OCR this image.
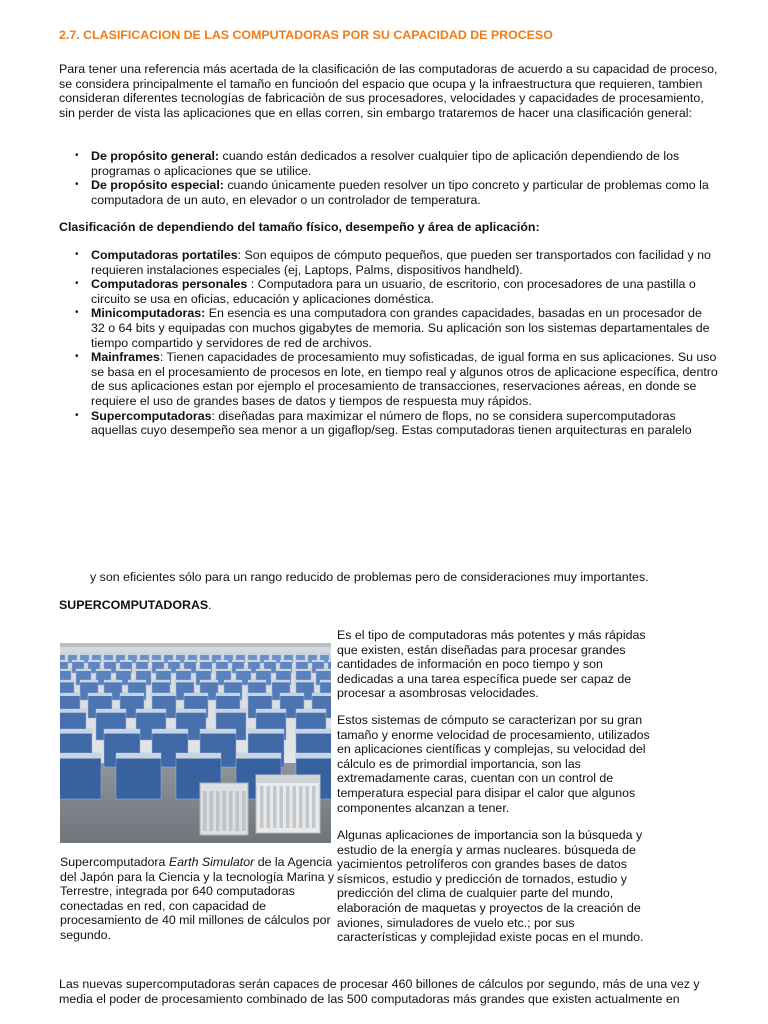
2.7. CLASIFICACION DE LAS COMPUTADORAS POR SU CAPACIDAD DE PROCESO
Para tener una referencia más acertada de la clasificación de las computadoras de acuerdo a su capacidad de proceso, se considera principalmente el tamaño en funcioón del espacio que ocupa y la infraestructura que requieren, tambien consideran diferentes tecnologías de fabricaciòn de sus procesadores, velocidades y capacidades de procesamiento, sin perder de vista las aplicaciones que en ellas corren, sin embargo trataremos de hacer una clasificación general:
• De propósito general: cuando están dedicados a resolver cualquier tipo de aplicación dependiendo de los programas o aplicaciones que se utilice.
• De propósito especial: cuando únicamente pueden resolver un tipo concreto y particular de problemas como la computadora de un auto, en elevador o un controlador de temperatura.
Clasificación de dependiendo del tamaño físico, desempeño y área de aplicación:
• Computadoras portatiles: Son equipos de cómputo pequeños, que pueden ser transportados con facilidad y no requieren instalaciones especiales (ej, Laptops, Palms, dispositivos handheld).
• Computadoras personales : Computadora para un usuario, de escritorio, con procesadores de una pastilla o circuito se usa en oficias, educación y aplicaciones doméstica.
• Minicomputadoras: En esencia es una computadora con grandes capacidades, basadas en un procesador de 32 o 64 bits y equipadas con muchos gigabytes de memoria. Su aplicación son los sistemas departamentales de tiempo compartido y servidores de red de archivos.
• Mainframes: Tienen capacidades de procesamiento muy sofisticadas, de igual forma en sus aplicaciones. Su uso se basa en el procesamiento de procesos en lote, en tiempo real y algunos otros de aplicacione específica, dentro de sus aplicaciones estan por ejemplo el procesamiento de transacciones, reservaciones aéreas, en donde se requiere el uso de grandes bases de datos y tiempos de respuesta muy rápidos.
• Supercomputadoras: diseñadas para maximizar el número de flops, no se considera supercomputadoras aquellas cuyo desempeño sea menor a un gigaflop/seg. Estas computadoras tienen arquitecturas en paralelo
y son eficientes sólo para un rango reducido de problemas pero de consideraciones muy importantes.
SUPERCOMPUTADORAS.
Supercomputadora Earth Simulator de la Agencia del Japón para la Ciencia y la tecnología Marina y Terrestre, integrada por 640 computadoras conectadas en red, con capacidad de procesamiento de 40 mil millones de cálculos por segundo.
Es el tipo de computadoras más potentes y más rápidas que existen, están diseñadas para procesar grandes cantidades de información en poco tiempo y son dedicadas a una tarea específica puede ser capaz de procesar a asombrosas velocidades.
Estos sistemas de cómputo se caracterizan por su gran tamaño y enorme velocidad de procesamiento, utilizados en aplicaciones científicas y complejas, su velocidad del cálculo es de primordial importancia, son las extremadamente caras, cuentan con un control de temperatura especial para disipar el calor que algunos componentes alcanzan a tener.
Algunas aplicaciones de importancia son la búsqueda y estudio de la energía y armas nucleares. búsqueda de yacimientos petrolíferos con grandes bases de datos sísmicos, estudio y predicción de tornados, estudio y predicción del clima de cualquier parte del mundo, elaboración de maquetas y proyectos de la creación de aviones, simuladores de vuelo etc.; por sus características y complejidad existe pocas en el mundo.
Las nuevas supercomputadoras serán capaces de procesar 460 billones de cálculos por segundo, más de una vez y media el poder de procesamiento combinado de las 500 computadoras más grandes que existen actualmente en
